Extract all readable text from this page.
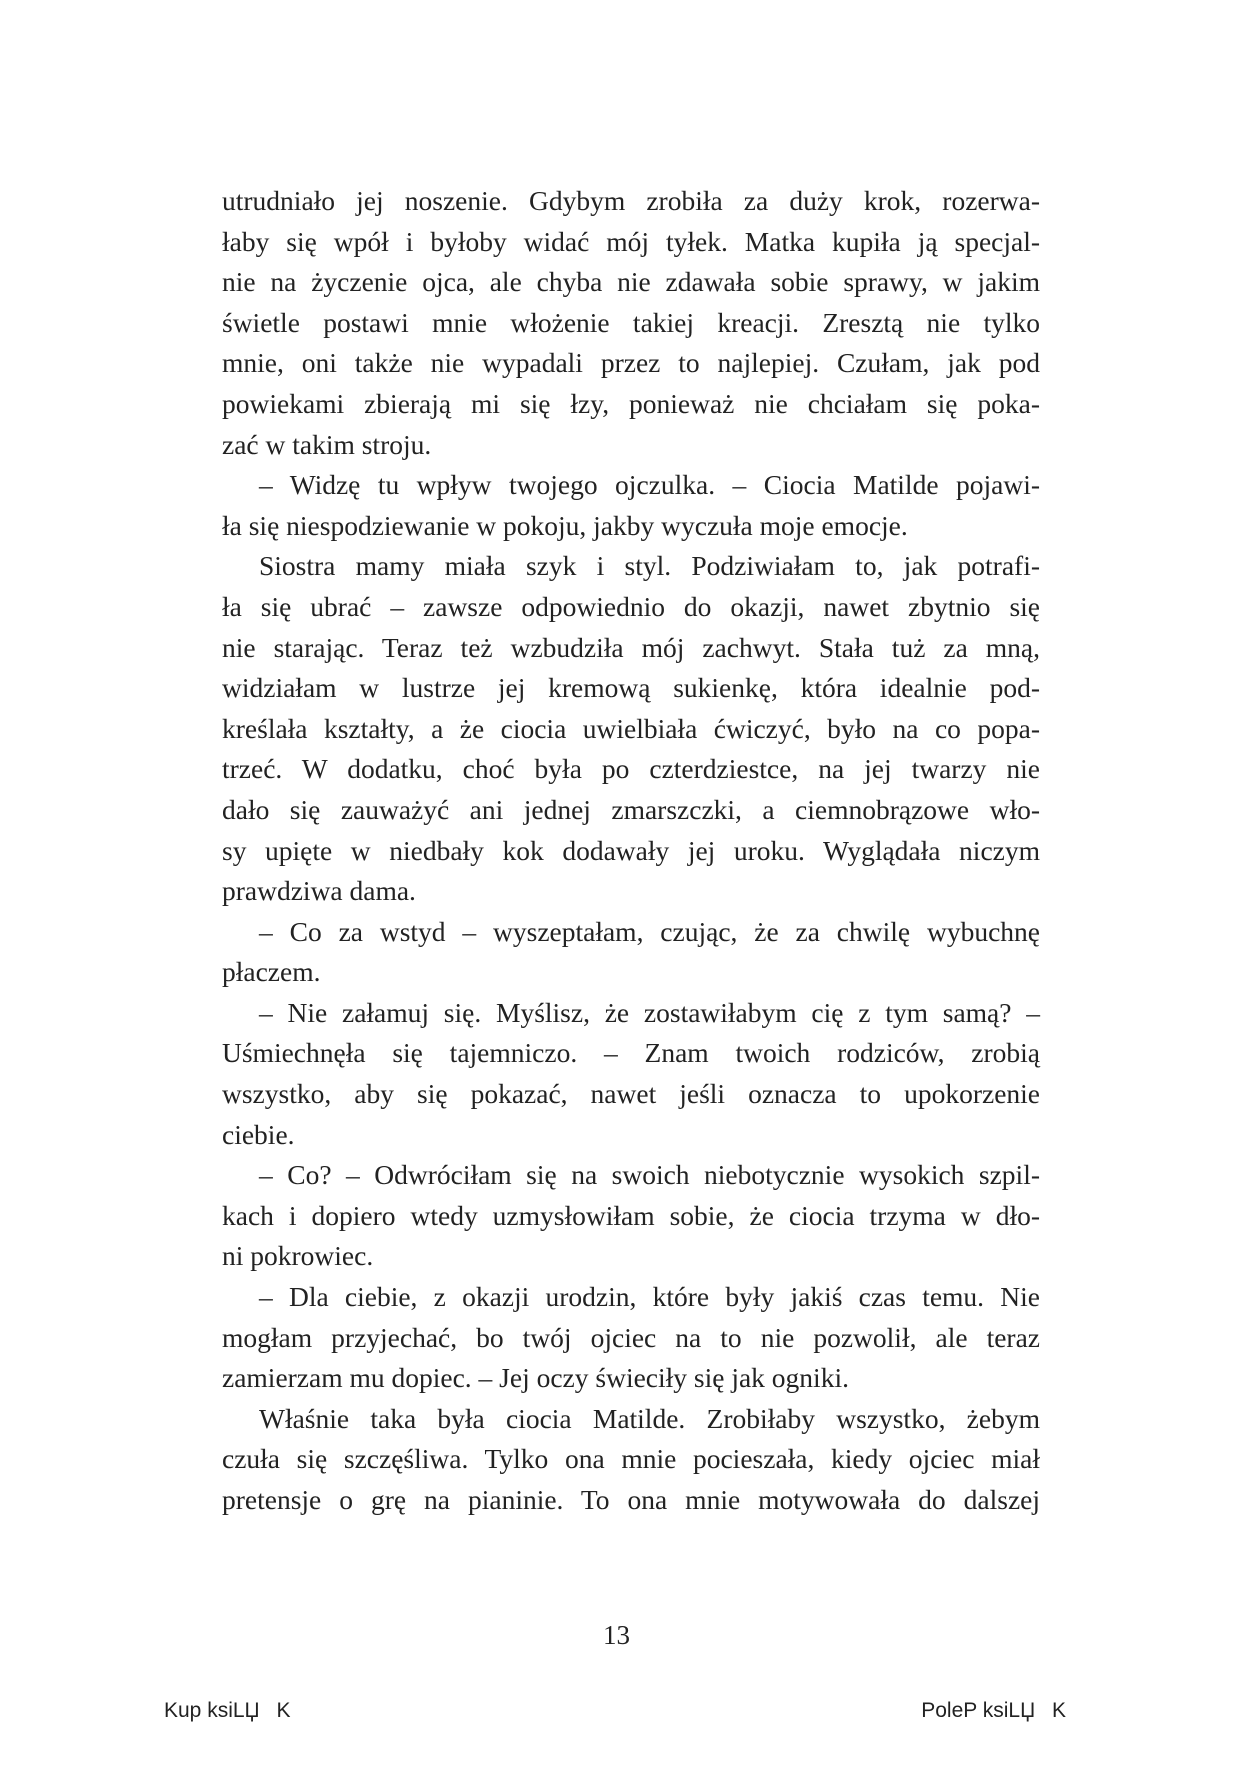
utrudniało jej noszenie. Gdybym zrobiła za duży krok, rozerwa-
łaby się wpół i byłoby widać mój tyłek. Matka kupiła ją specjal-
nie na życzenie ojca, ale chyba nie zdawała sobie sprawy, w jakim
świetle postawi mnie włożenie takiej kreacji. Zresztą nie tylko
mnie, oni także nie wypadali przez to najlepiej. Czułam, jak pod
powiekami zbierają mi się łzy, ponieważ nie chciałam się poka-
zać w takim stroju.
– Widzę tu wpływ twojego ojczulka. – Ciocia Matilde pojawi-
ła się niespodziewanie w pokoju, jakby wyczuła moje emocje.
Siostra mamy miała szyk i styl. Podziwiałam to, jak potrafi-
ła się ubrać – zawsze odpowiednio do okazji, nawet zbytnio się
nie starając. Teraz też wzbudziła mój zachwyt. Stała tuż za mną,
widziałam w lustrze jej kremową sukienkę, która idealnie pod-
kreślała kształty, a że ciocia uwielbiała ćwiczyć, było na co popa-
trzeć. W dodatku, choć była po czterdziestce, na jej twarzy nie
dało się zauważyć ani jednej zmarszczki, a ciemnobrązowe wło-
sy upięte w niedbały kok dodawały jej uroku. Wyglądała niczym
prawdziwa dama.
– Co za wstyd – wyszeptałam, czując, że za chwilę wybuchnę
płaczem.
– Nie załamuj się. Myślisz, że zostawiłabym cię z tym samą? –
Uśmiechnęła się tajemniczo. – Znam twoich rodziców, zrobią
wszystko, aby się pokazać, nawet jeśli oznacza to upokorzenie
ciebie.
– Co? – Odwróciłam się na swoich niebotycznie wysokich szpil-
kach i dopiero wtedy uzmysłowiłam sobie, że ciocia trzyma w dło-
ni pokrowiec.
– Dla ciebie, z okazji urodzin, które były jakiś czas temu. Nie
mogłam przyjechać, bo twój ojciec na to nie pozwolił, ale teraz
zamierzam mu dopiec. – Jej oczy świeciły się jak ogniki.
Właśnie taka była ciocia Matilde. Zrobiłaby wszystko, żebym
czuła się szczęśliwa. Tylko ona mnie pocieszała, kiedy ojciec miał
pretensje o grę na pianinie. To ona mnie motywowała do dalszej
13
Kup ksiLЏK	PoleP ksiLЏK
